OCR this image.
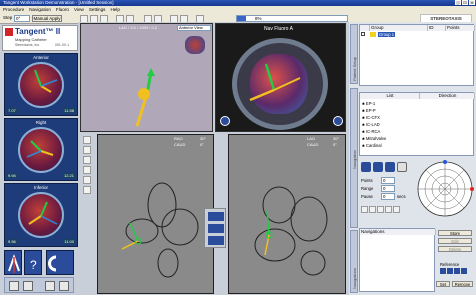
Tangent Workstation Demonstration - [Untitled Session]	_	□	×
Procedure Navigation Fluoro View Settings Help
Step 0°	Manual Apply	8%	STEREOTAXIS
Tangent™ II
Mapping Catheter
Stereotaxis, Inc.	001-00-1
Anterior
7.07	11.58
Right
9.94	12.21
Inferior
9.56	11.00
?
LAO / 3.0 / 1000 / 0.2	Anterior View	Nav Fluoro A
RAO	30°
CAUD	0°
LAO	30°
CAUD	0°
Patient Setup
Navigation
Navigations
Group	ID	Points
Group 1
List	Direction
♣ EP-1
♣ EP-P
♣ IC-CFX
♣ IC-LAD
♣ IC-RCA
♣ MitralValve
♣ Cardinal
Points	0
Range	0
Pause	0	secs
Navigations	Store
Edit
Delete
Reference
Set	Remove
